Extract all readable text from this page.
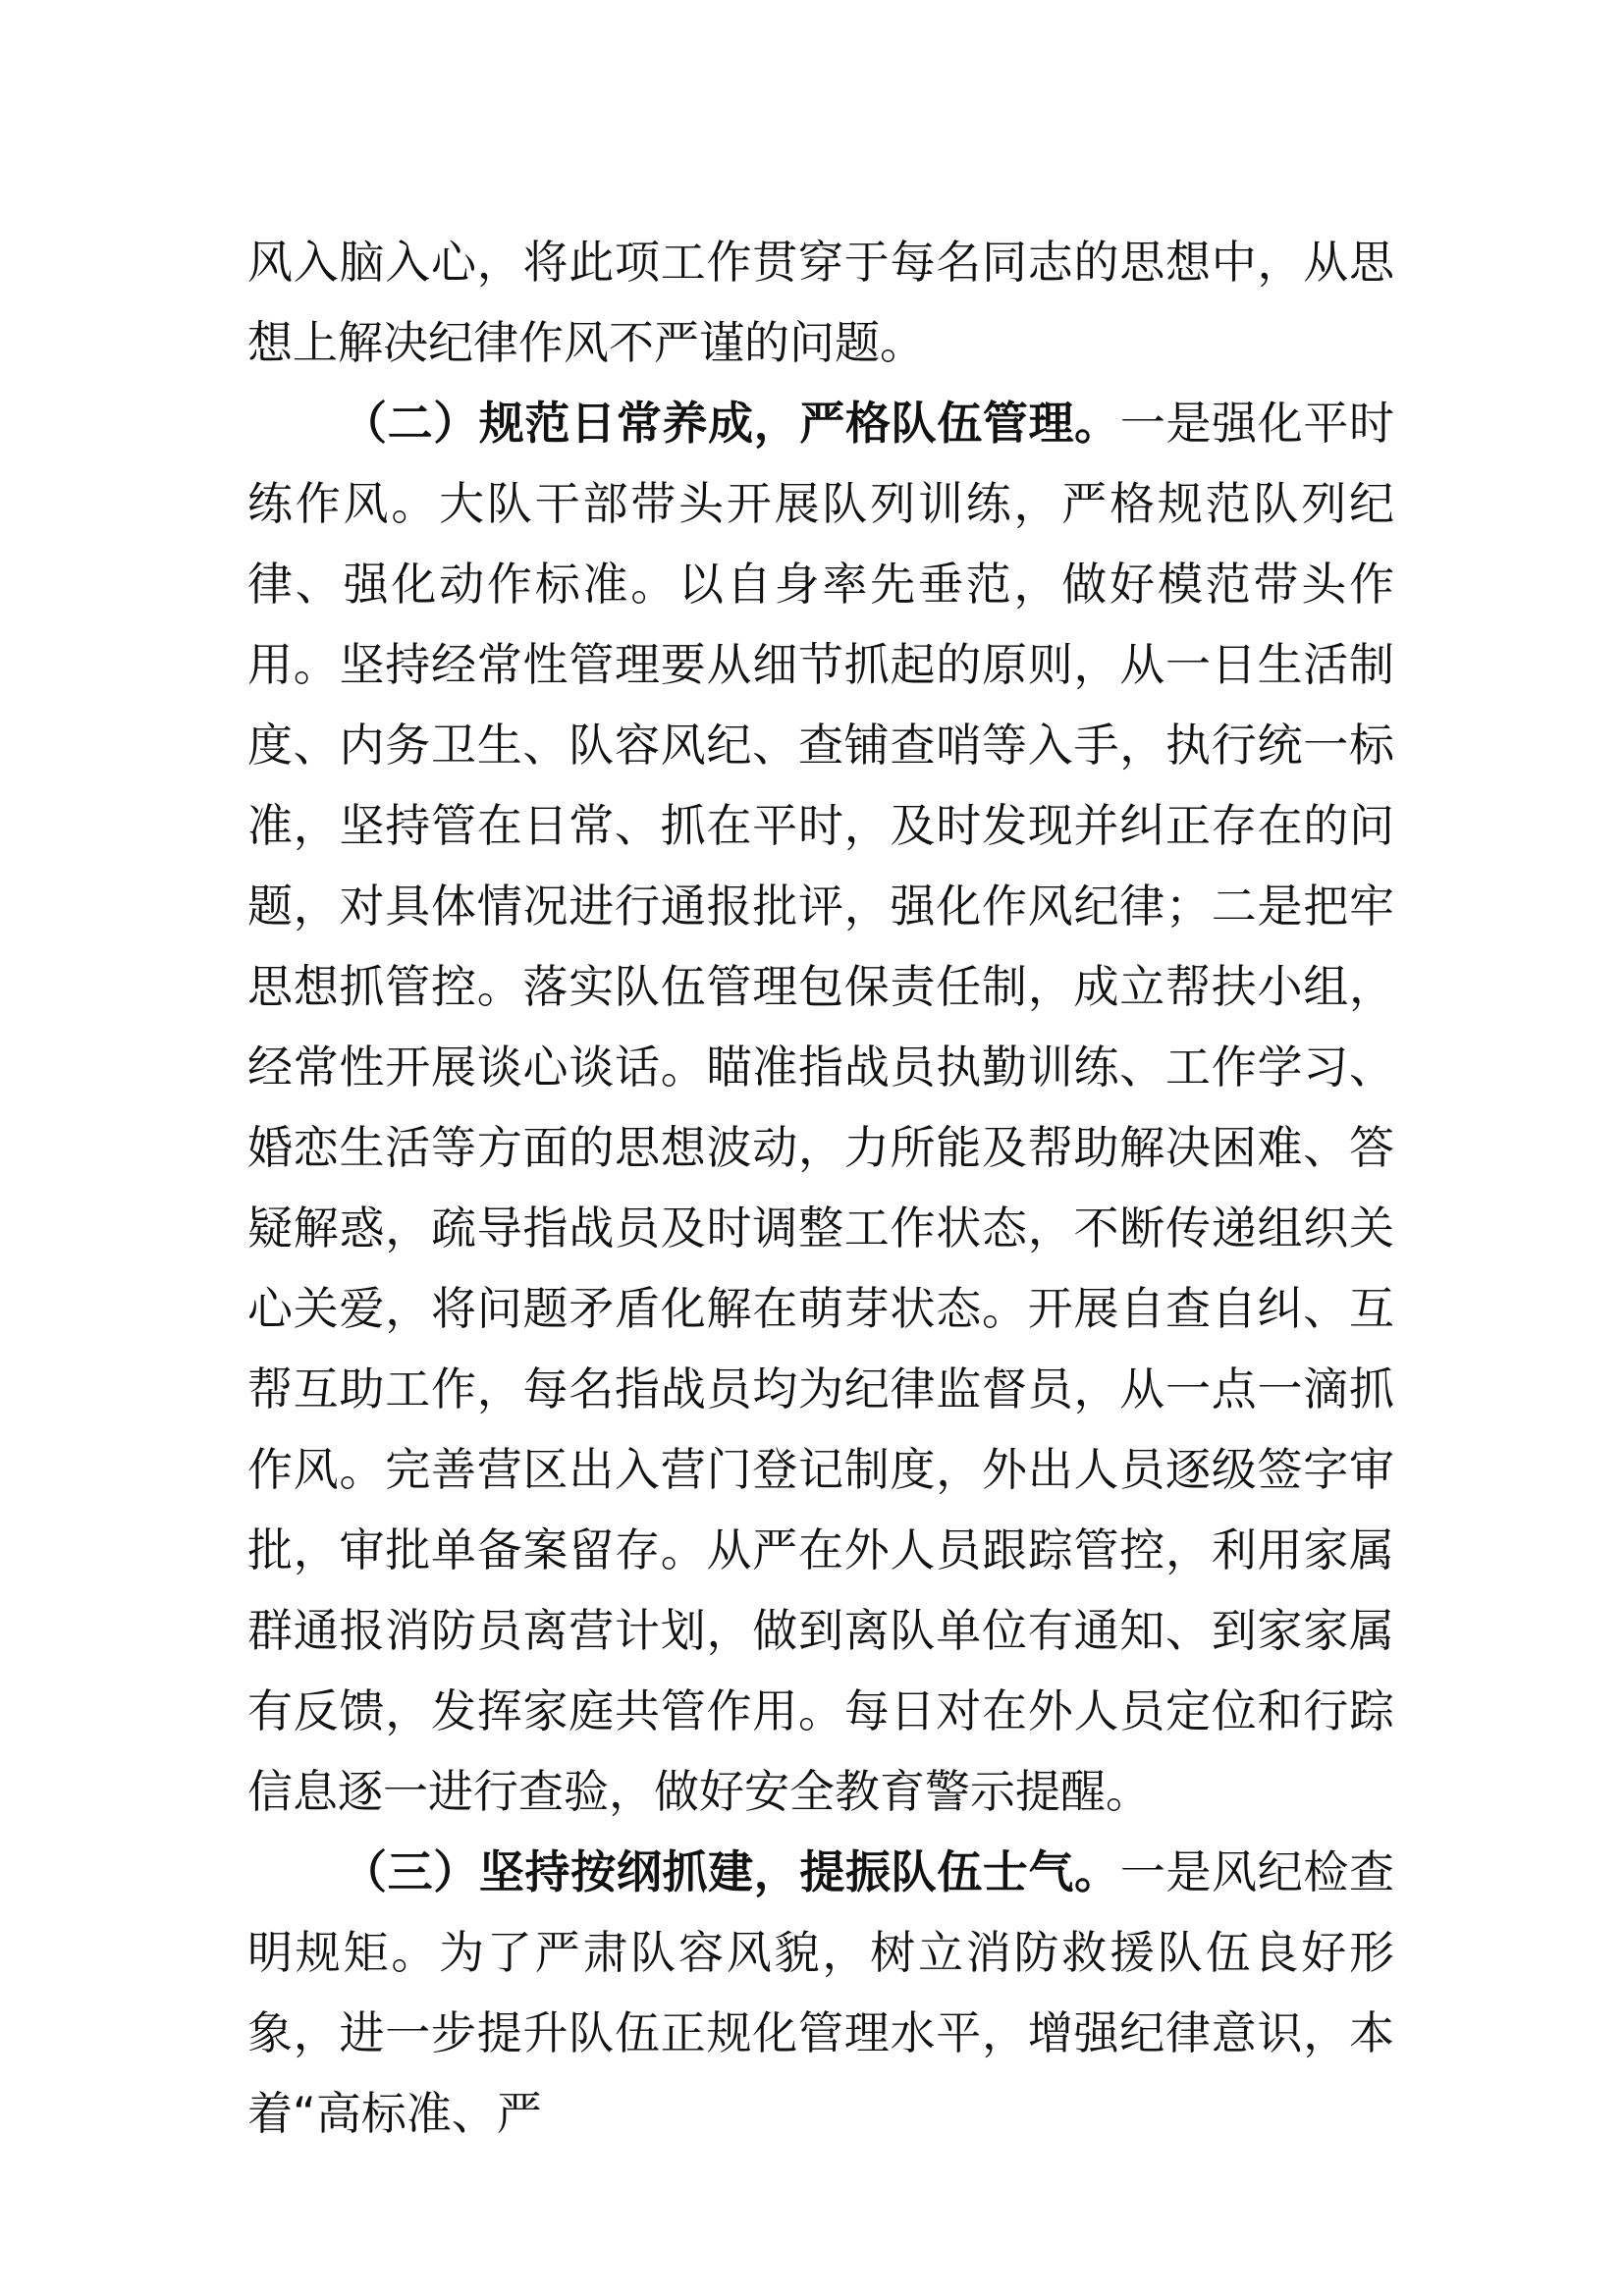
风入脑入心，将此项工作贯穿于每名同志的思想中，从思想上解决纪律作风不严谨的问题。

（二）规范日常养成，严格队伍管理。一是强化平时练作风。大队干部带头开展队列训练，严格规范队列纪律、强化动作标准。以自身率先垂范，做好模范带头作用。坚持经常性管理要从细节抓起的原则，从一日生活制度、内务卫生、队容风纪、查铺查哨等入手，执行统一标准，坚持管在日常、抓在平时，及时发现并纠正存在的问题，对具体情况进行通报批评，强化作风纪律；二是把牢思想抓管控。落实队伍管理包保责任制，成立帮扶小组，经常性开展谈心谈话。瞄准指战员执勤训练、工作学习、婚恋生活等方面的思想波动，力所能及帮助解决困难、答疑解惑，疏导指战员及时调整工作状态，不断传递组织关心关爱，将问题矛盾化解在萌芽状态。开展自查自纠、互帮互助工作，每名指战员均为纪律监督员，从一点一滴抓作风。完善营区出入营门登记制度，外出人员逐级签字审批，审批单备案留存。从严在外人员跟踪管控，利用家属群通报消防员离营计划，做到离队单位有通知、到家家属有反馈，发挥家庭共管作用。每日对在外人员定位和行踪信息逐一进行查验，做好安全教育警示提醒。

（三）坚持按纲抓建，提振队伍士气。一是风纪检查明规矩。为了严肃队容风貌，树立消防救援队伍良好形象，进一步提升队伍正规化管理水平，增强纪律意识，本着“高标准、严
